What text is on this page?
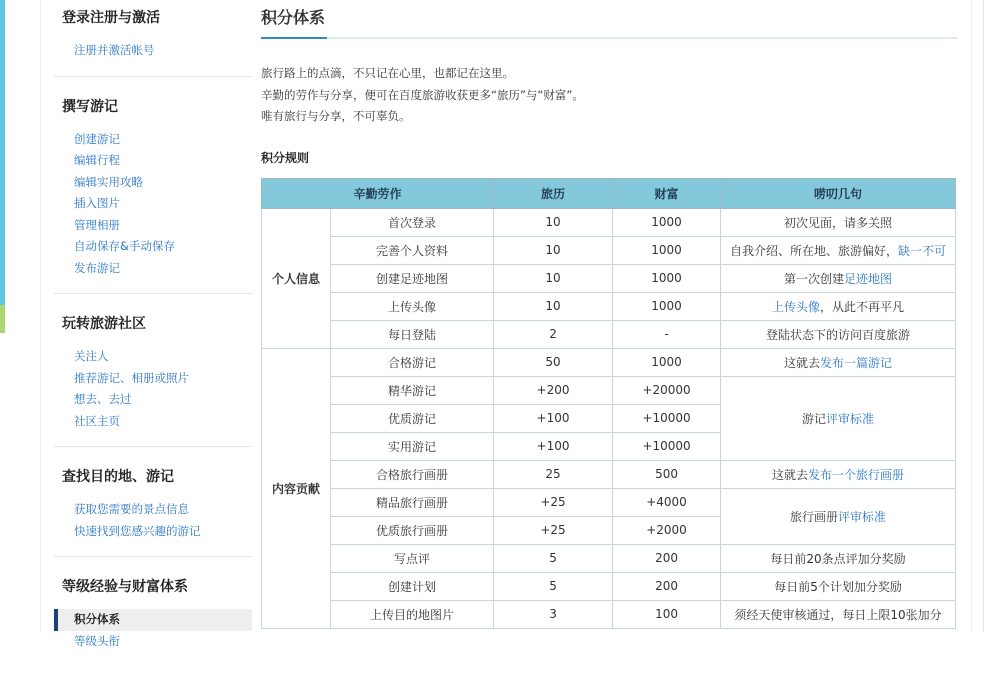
登录注册与激活
注册并激活帐号
撰写游记
创建游记
编辑行程
编辑实用攻略
插入图片
管理相册
自动保存&手动保存
发布游记
玩转旅游社区
关注人
推荐游记、相册或照片
想去、去过
社区主页
查找目的地、游记
获取您需要的景点信息
快速找到您感兴趣的游记
等级经验与财富体系
积分体系
等级头衔
积分体系

旅行路上的点滴，不只记在心里，也都记在这里。

辛勤的劳作与分享，便可在百度旅游收获更多“旅历”与“财富”。

唯有旅行与分享，不可辜负。

积分规则
辛勤劳作		旅历	财富	唠叨几句
个人信息	首次登录	10	1000	初次见面，请多关照
	完善个人资料	10	1000	自我介绍、所在地、旅游偏好，缺一不可
	创建足迹地图	10	1000	第一次创建足迹地图
	上传头像	10	1000	上传头像，从此不再平凡
	每日登陆	2	-	登陆状态下的访问百度旅游
内容贡献	合格游记	50	1000	这就去发布一篇游记
	精华游记	+200	+20000	游记评审标准
	优质游记	+100	+10000	
	实用游记	+100	+10000	
	合格旅行画册	25	500	这就去发布一个旅行画册
	精品旅行画册	+25	+4000	旅行画册评审标准
	优质旅行画册	+25	+2000	
	写点评	5	200	每日前20条点评加分奖励
	创建计划	5	200	每日前5个计划加分奖励
	上传目的地图片	3	100	须经天使审核通过，每日上限10张加分
